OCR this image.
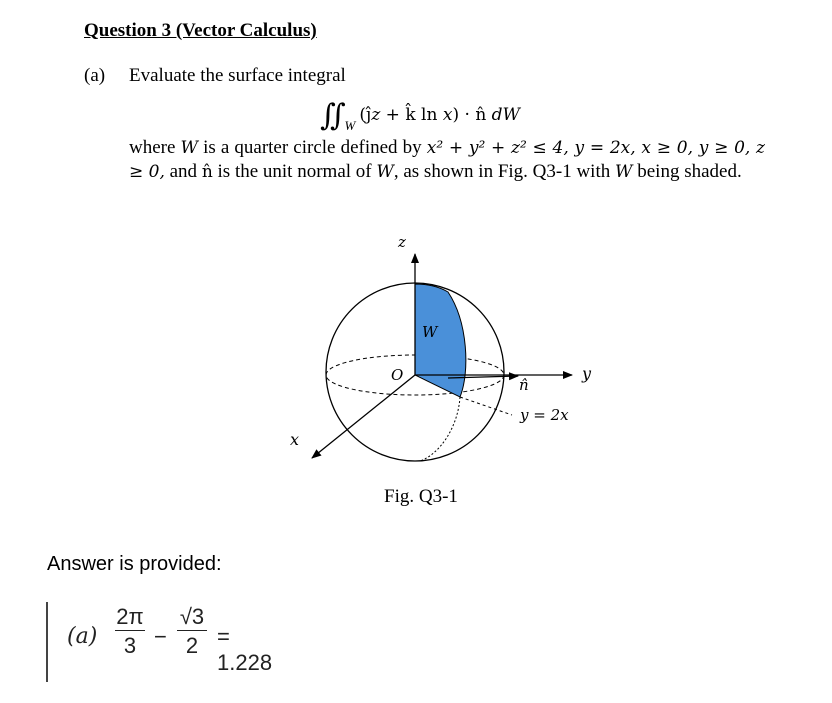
Question 3 (Vector Calculus)
(a) Evaluate the surface integral
∬ $_W$(ĵz + k̂ ln x) · n̂ dW
where W is a quarter circle defined by x² + y² + z² ≤ 4, y = 2x, x ≥ 0, y ≥ 0, z ≥ 0, and n̂ is the unit normal of W, as shown in Fig. Q3-1 with W being shaded.
z
y
x
O
W
n̂
y = 2x
Fig. Q3-1
Answer is provided:
$(a) \frac{2\pi}{3} - \frac{√3}{2} = 1.228$
